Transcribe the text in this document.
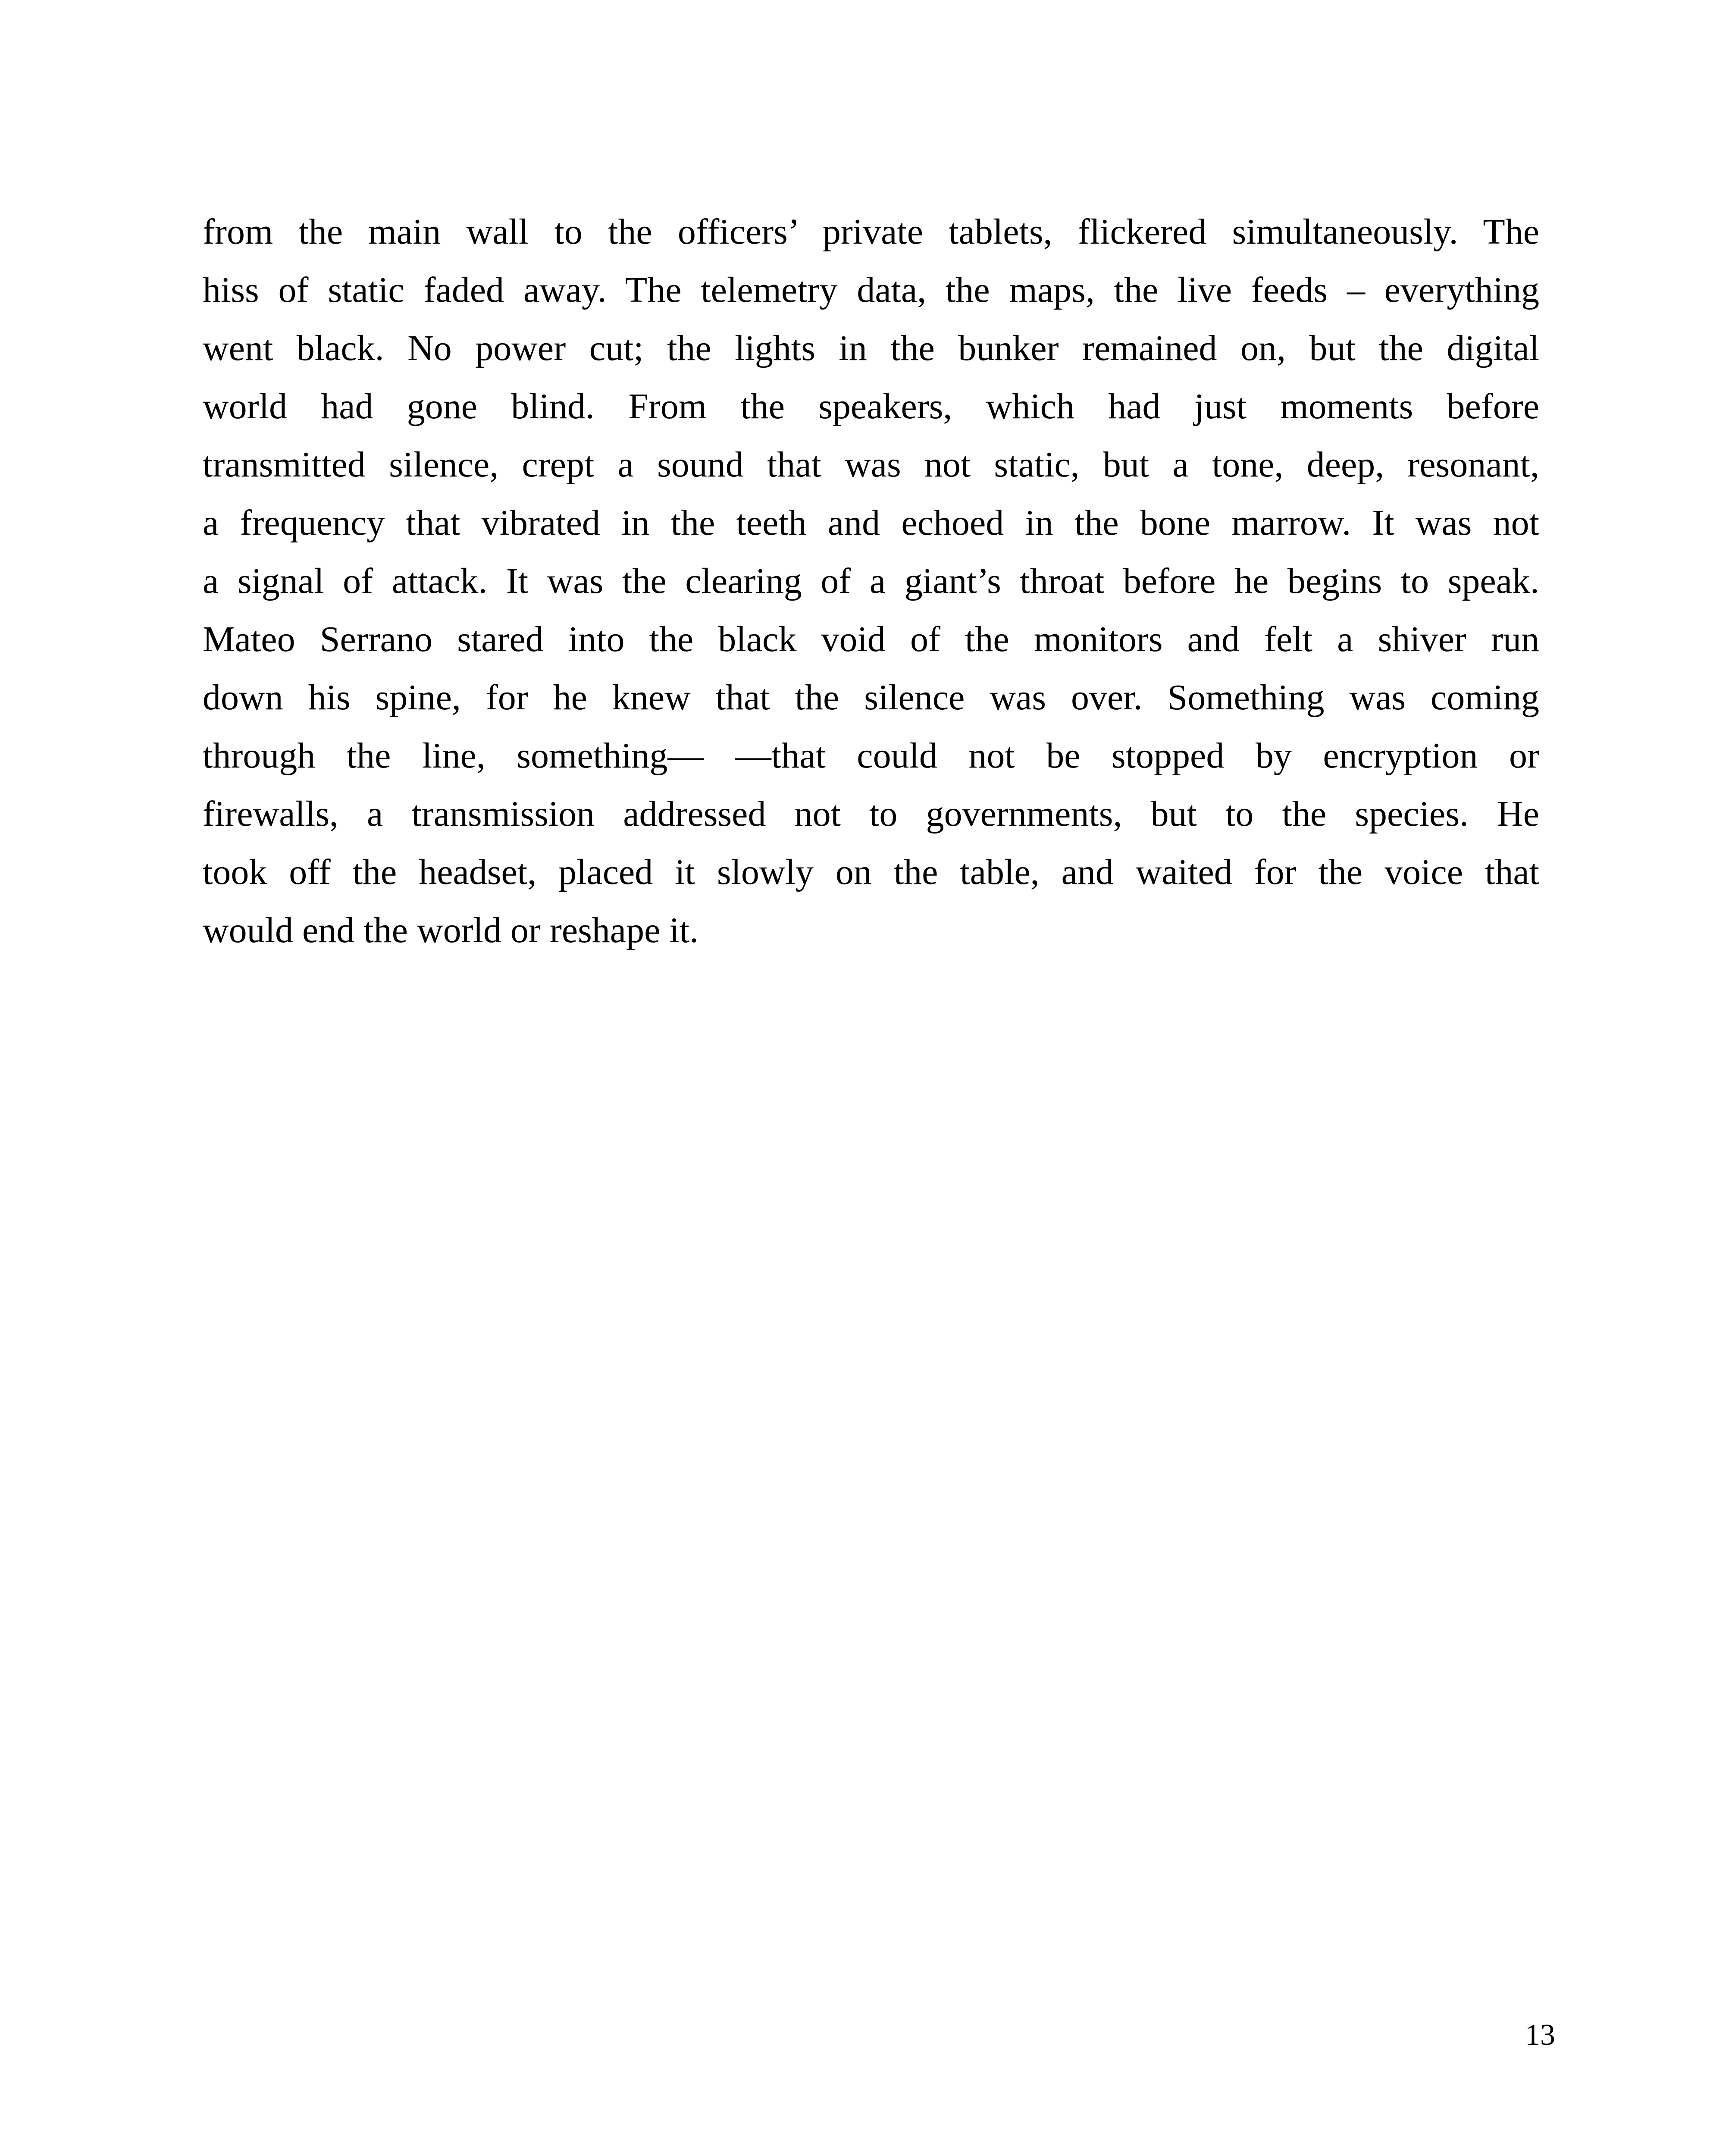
from the main wall to the officers’ private tablets, flickered simultaneously. The
hiss of static faded away. The telemetry data, the maps, the live feeds – everything
went black. No power cut; the lights in the bunker remained on, but the digital
world had gone blind. From the speakers, which had just moments before
transmitted silence, crept a sound that was not static, but a tone, deep, resonant,
a frequency that vibrated in the teeth and echoed in the bone marrow. It was not
a signal of attack. It was the clearing of a giant’s throat before he begins to speak.
Mateo Serrano stared into the black void of the monitors and felt a shiver run
down his spine, for he knew that the silence was over. Something was coming
through the line, something— —that could not be stopped by encryption or
firewalls, a transmission addressed not to governments, but to the species. He
took off the headset, placed it slowly on the table, and waited for the voice that
would end the world or reshape it.

13
